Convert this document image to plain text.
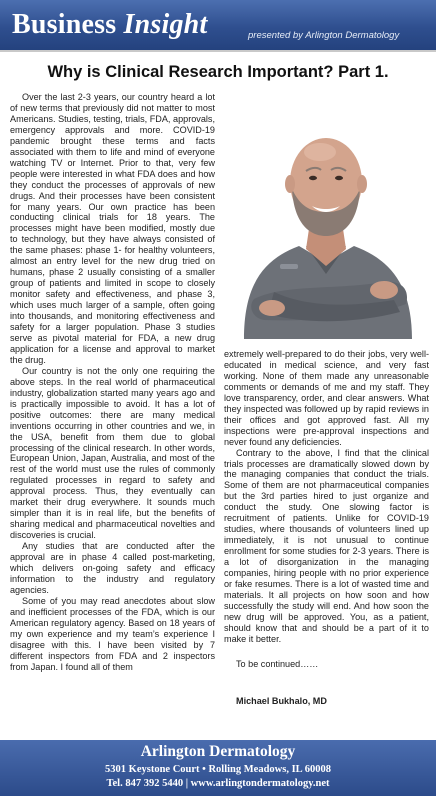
Business Insight	presented by Arlington Dermatology
Why is Clinical Research Important? Part 1.

Over the last 2-3 years, our country heard a lot of new terms that previously did not matter to most Americans. Studies, testing, trials, FDA, approvals, emergency approvals and more. COVID-19 pandemic brought these terms and facts associated with them to life and mind of everyone watching TV or Internet. Prior to that, very few people were interested in what FDA does and how they conduct the processes of approvals of new drugs. And their processes have been consistent for many years. Our own practice has been conducting clinical trials for 18 years. The processes might have been modified, mostly due to technology, but they have always consisted of the same phases: phase 1- for healthy volunteers, almost an entry level for the new drug tried on humans, phase 2 usually consisting of a smaller group of patients and limited in scope to closely monitor safety and effectiveness, and phase 3, which uses much larger of a sample, often going into thousands, and monitoring effectiveness and safety for a larger population. Phase 3 studies serve as pivotal material for FDA, a new drug application for a license and approval to market the drug.

Our country is not the only one requiring the above steps. In the real world of pharmaceutical industry, globalization started many years ago and is practically impossible to avoid. It has a lot of positive outcomes: there are many medical inventions occurring in other countries and we, in the USA, benefit from them due to global processing of the clinical research. In other words, European Union, Japan, Australia, and most of the rest of the world must use the rules of commonly regulated processes in regard to safety and approval process. Thus, they eventually can market their drug everywhere. It sounds much simpler than it is in real life, but the benefits of sharing medical and pharmaceutical novelties and discoveries is crucial.

Any studies that are conducted after the approval are in phase 4 called post-marketing, which delivers on-going safety and efficacy information to the industry and regulatory agencies.

Some of you may read anecdotes about slow and inefficient processes of the FDA, which is our American regulatory agency. Based on 18 years of my own experience and my team’s experience I disagree with this. I have been visited by 7 different inspectors from FDA and 2 inspectors from Japan. I found all of them

extremely well-prepared to do their jobs, very well-educated in medical science, and very fast working. None of them made any unreasonable comments or demands of me and my staff. They love transparency, order, and clear answers. What they inspected was followed up by rapid reviews in their offices and got approved fast. All my inspections were pre-approval inspections and never found any deficiencies.

Contrary to the above, I find that the clinical trials processes are dramatically slowed down by the managing companies that conduct the trials. Some of them are not pharmaceutical companies but the 3rd parties hired to just organize and conduct the study. One slowing factor is recruitment of patients. Unlike for COVID-19 studies, where thousands of volunteers lined up immediately, it is not unusual to continue enrollment for some studies for 2-3 years. There is a lot of disorganization in the managing companies, hiring people with no prior experience or fake resumes. There is a lot of wasted time and materials. It all projects on how soon and how successfully the study will end. And how soon the new drug will be approved. You, as a patient, should know that and should be a part of it to make it better.

To be continued……

Michael Bukhalo, MD

Arlington Dermatology
5301 Keystone Court • Rolling Meadows, IL 60008
Tel. 847 392 5440 | www.arlingtondermatology.net
